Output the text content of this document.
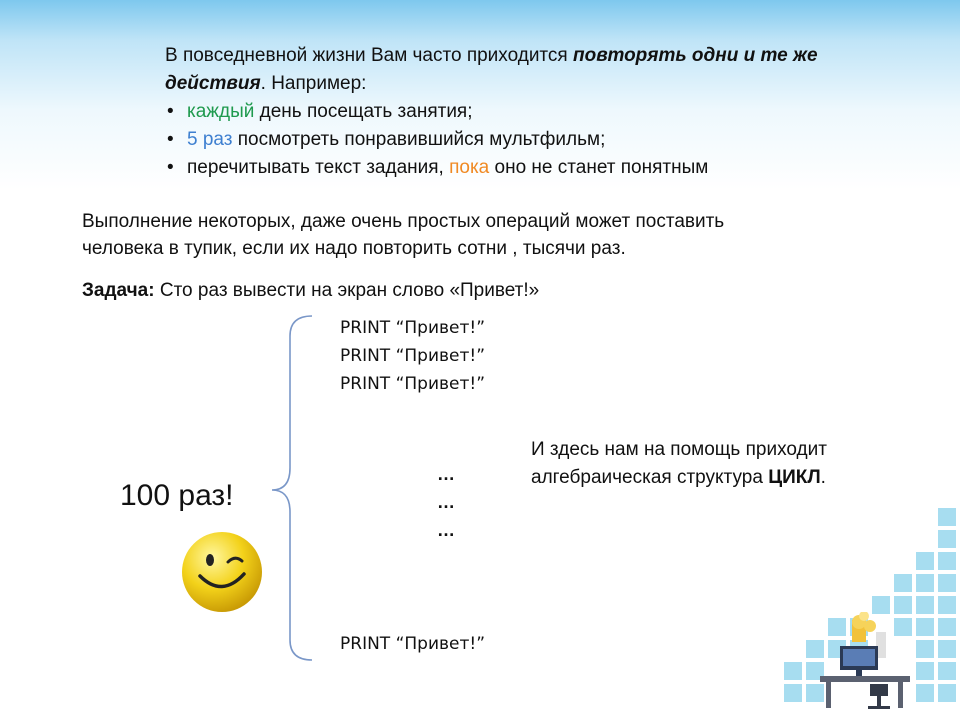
В повседневной жизни Вам часто приходится повторять одни и те же действия. Например:
• каждый день посещать занятия;
• 5 раз посмотреть понравившийся мультфильм;
• перечитывать текст задания, пока оно не станет понятным
Выполнение некоторых, даже очень простых операций может поставить человека в тупик, если их надо повторить сотни , тысячи раз.
Задача: Сто раз вывести на экран слово «Привет!»
PRINT “Привет!”
PRINT “Привет!”
PRINT “Привет!”
…
…
…
PRINT “Привет!”
И здесь нам на помощь приходит алгебраическая структура ЦИКЛ.
100 раз!
